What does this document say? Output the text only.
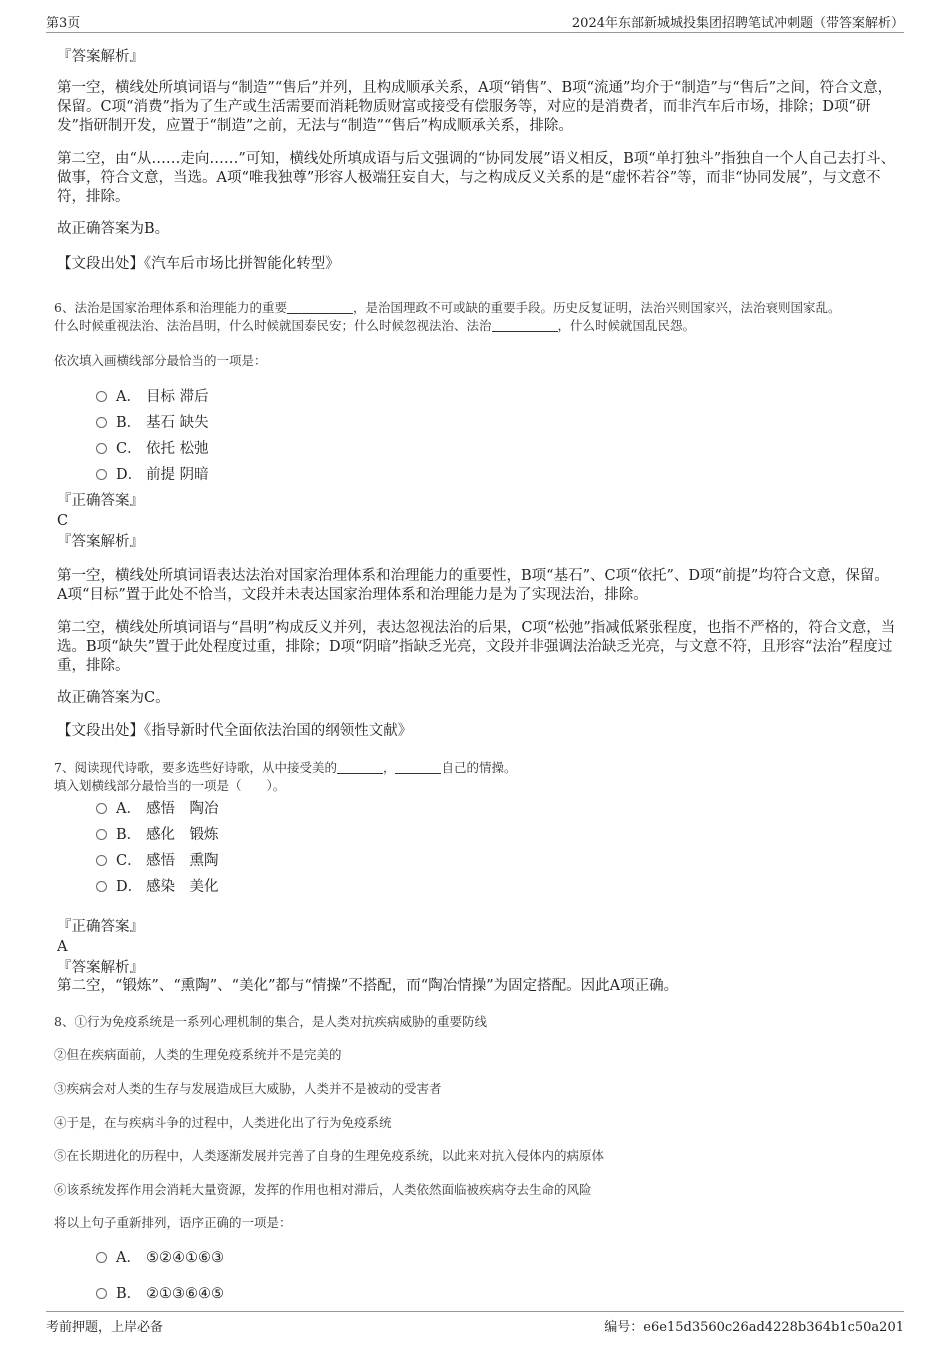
第3页	2024年东部新城城投集团招聘笔试冲刺题（带答案解析）
『答案解析』
第一空，横线处所填词语与“制造”“售后”并列，且构成顺承关系，A项“销售”、B项“流通”均介于“制造”与“售后”之间，符合文意，保留。C项“消费”指为了生产或生活需要而消耗物质财富或接受有偿服务等，对应的是消费者，而非汽车后市场，排除；D项“研发”指研制开发，应置于“制造”之前，无法与“制造”“售后”构成顺承关系，排除。
第二空，由“从……走向……”可知，横线处所填成语与后文强调的“协同发展”语义相反，B项“单打独斗”指独自一个人自己去打斗、做事，符合文意，当选。A项“唯我独尊”形容人极端狂妄自大，与之构成反义关系的是“虚怀若谷”等，而非“协同发展”，与文意不符，排除。
故正确答案为B。
【文段出处】《汽车后市场比拼智能化转型》
6、法治是国家治理体系和治理能力的重要	，是治国理政不可或缺的重要手段。历史反复证明，法治兴则国家兴，法治衰则国家乱。
什么时候重视法治、法治昌明，什么时候就国泰民安；什么时候忽视法治、法治	，什么时候就国乱民怨。
依次填入画横线部分最恰当的一项是：
A． 目标 滞后
B． 基石 缺失
C． 依托 松弛
D． 前提 阴暗
『正确答案』
C
『答案解析』
第一空，横线处所填词语表达法治对国家治理体系和治理能力的重要性，B项“基石”、C项“依托”、D项“前提”均符合文意，保留。A项“目标”置于此处不恰当，文段并未表达国家治理体系和治理能力是为了实现法治，排除。
第二空，横线处所填词语与“昌明”构成反义并列，表达忽视法治的后果，C项“松弛”指减低紧张程度，也指不严格的，符合文意，当选。B项“缺失”置于此处程度过重，排除；D项“阴暗”指缺乏光亮，文段并非强调法治缺乏光亮，与文意不符，且形容“法治”程度过重，排除。
故正确答案为C。
【文段出处】《指导新时代全面依法治国的纲领性文献》
7、阅读现代诗歌，要多选些好诗歌，从中接受美的	，	自己的情操。
填入划横线部分最恰当的一项是（　　）。
A． 感悟　陶冶
B． 感化　锻炼
C． 感悟　熏陶
D． 感染　美化
『正确答案』
A
『答案解析』
第二空，“锻炼”、“熏陶”、“美化”都与“情操”不搭配，而“陶冶情操”为固定搭配。因此A项正确。
8、①行为免疫系统是一系列心理机制的集合，是人类对抗疾病威胁的重要防线
②但在疾病面前，人类的生理免疫系统并不是完美的
③疾病会对人类的生存与发展造成巨大威胁，人类并不是被动的受害者
④于是，在与疾病斗争的过程中，人类进化出了行为免疫系统
⑤在长期进化的历程中，人类逐渐发展并完善了自身的生理免疫系统，以此来对抗入侵体内的病原体
⑥该系统发挥作用会消耗大量资源，发挥的作用也相对滞后，人类依然面临被疾病夺去生命的风险
将以上句子重新排列，语序正确的一项是：
A． ⑤②④①⑥③
B． ②①③⑥④⑤
考前押题，上岸必备	编号：e6e15d3560c26ad4228b364b1c50a201
